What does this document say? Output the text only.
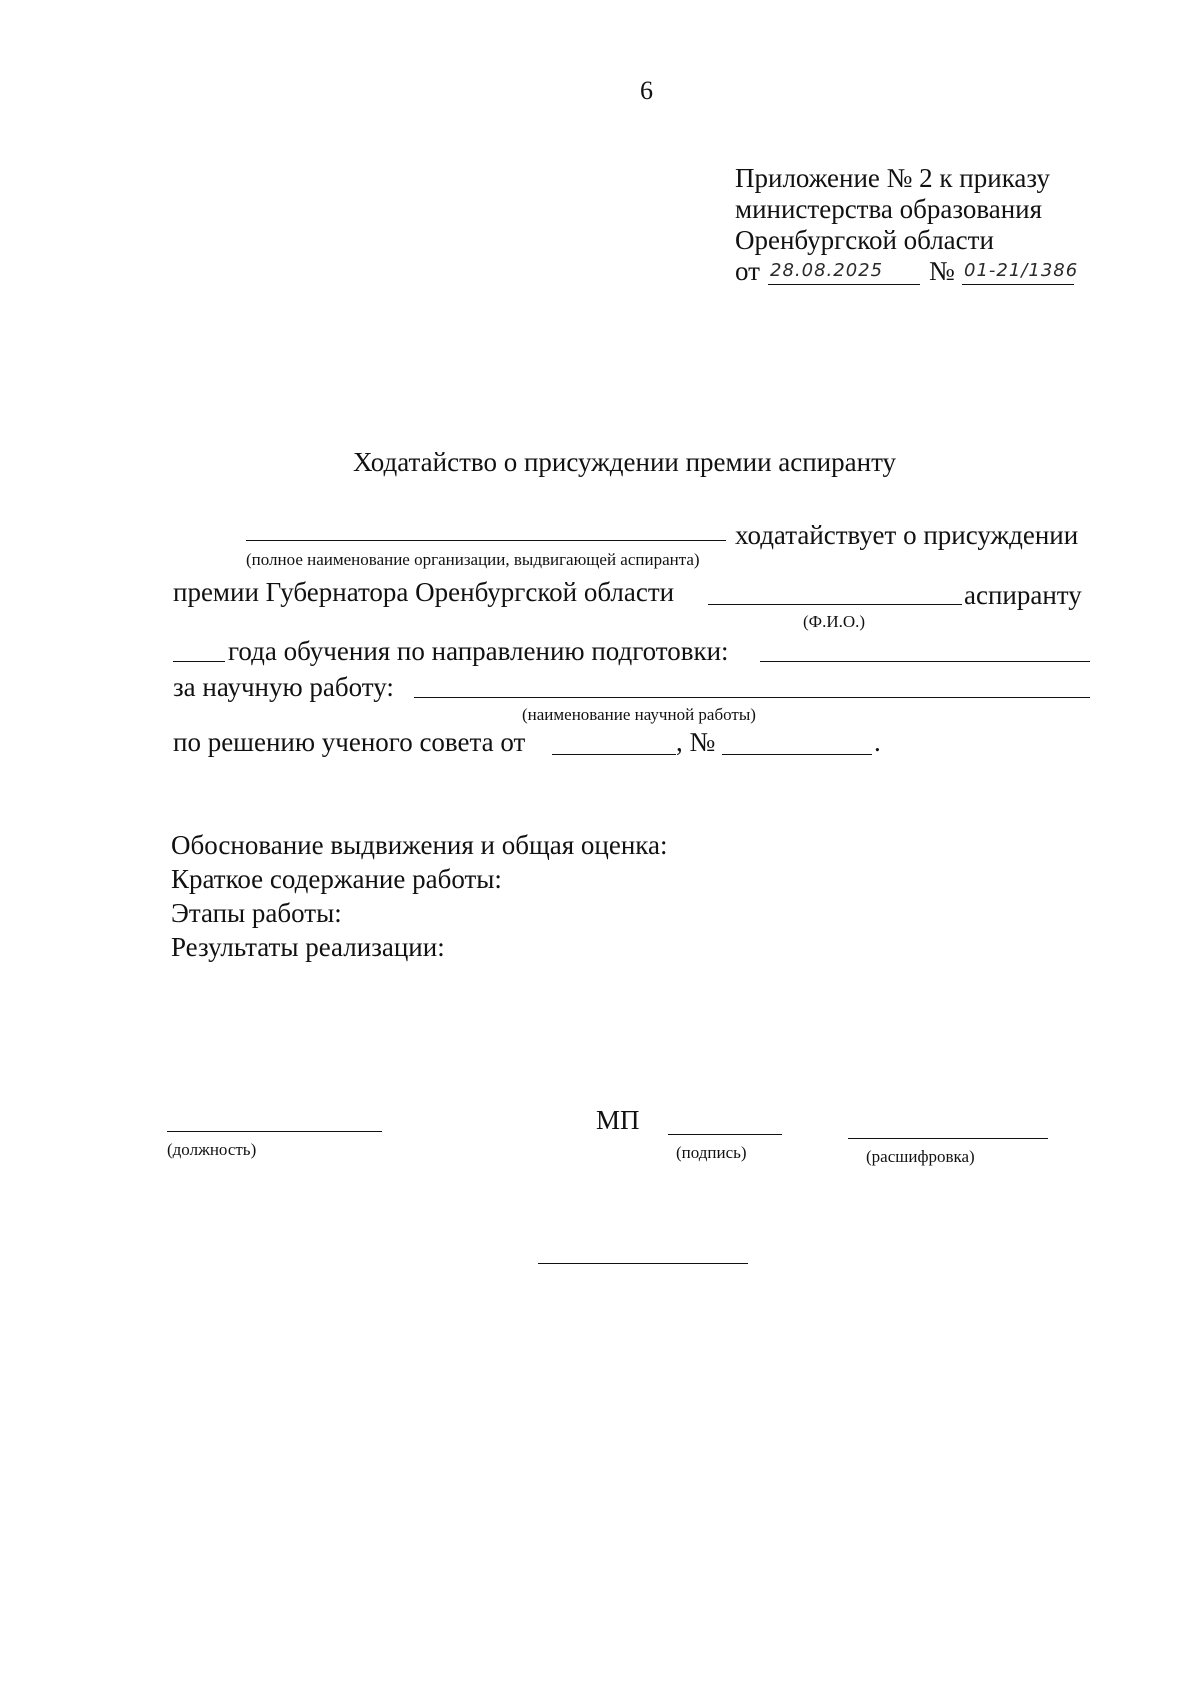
6
Приложение № 2 к приказу
министерства образования
Оренбургской области
от 28.08.2025 № 01-21/1386
Ходатайство о присуждении премии аспиранту
ходатайствует о присуждении
(полное наименование организации, выдвигающей аспиранта)
премии Губернатора Оренбургской области	аспиранту
(Ф.И.О.)
года обучения по направлению подготовки:
за научную работу:
(наименование научной работы)
по решению ученого совета от	, №	.
Обоснование выдвижения и общая оценка:
Краткое содержание работы:
Этапы работы:
Результаты реализации:
(должность)
МП
(подпись)	(расшифровка)
